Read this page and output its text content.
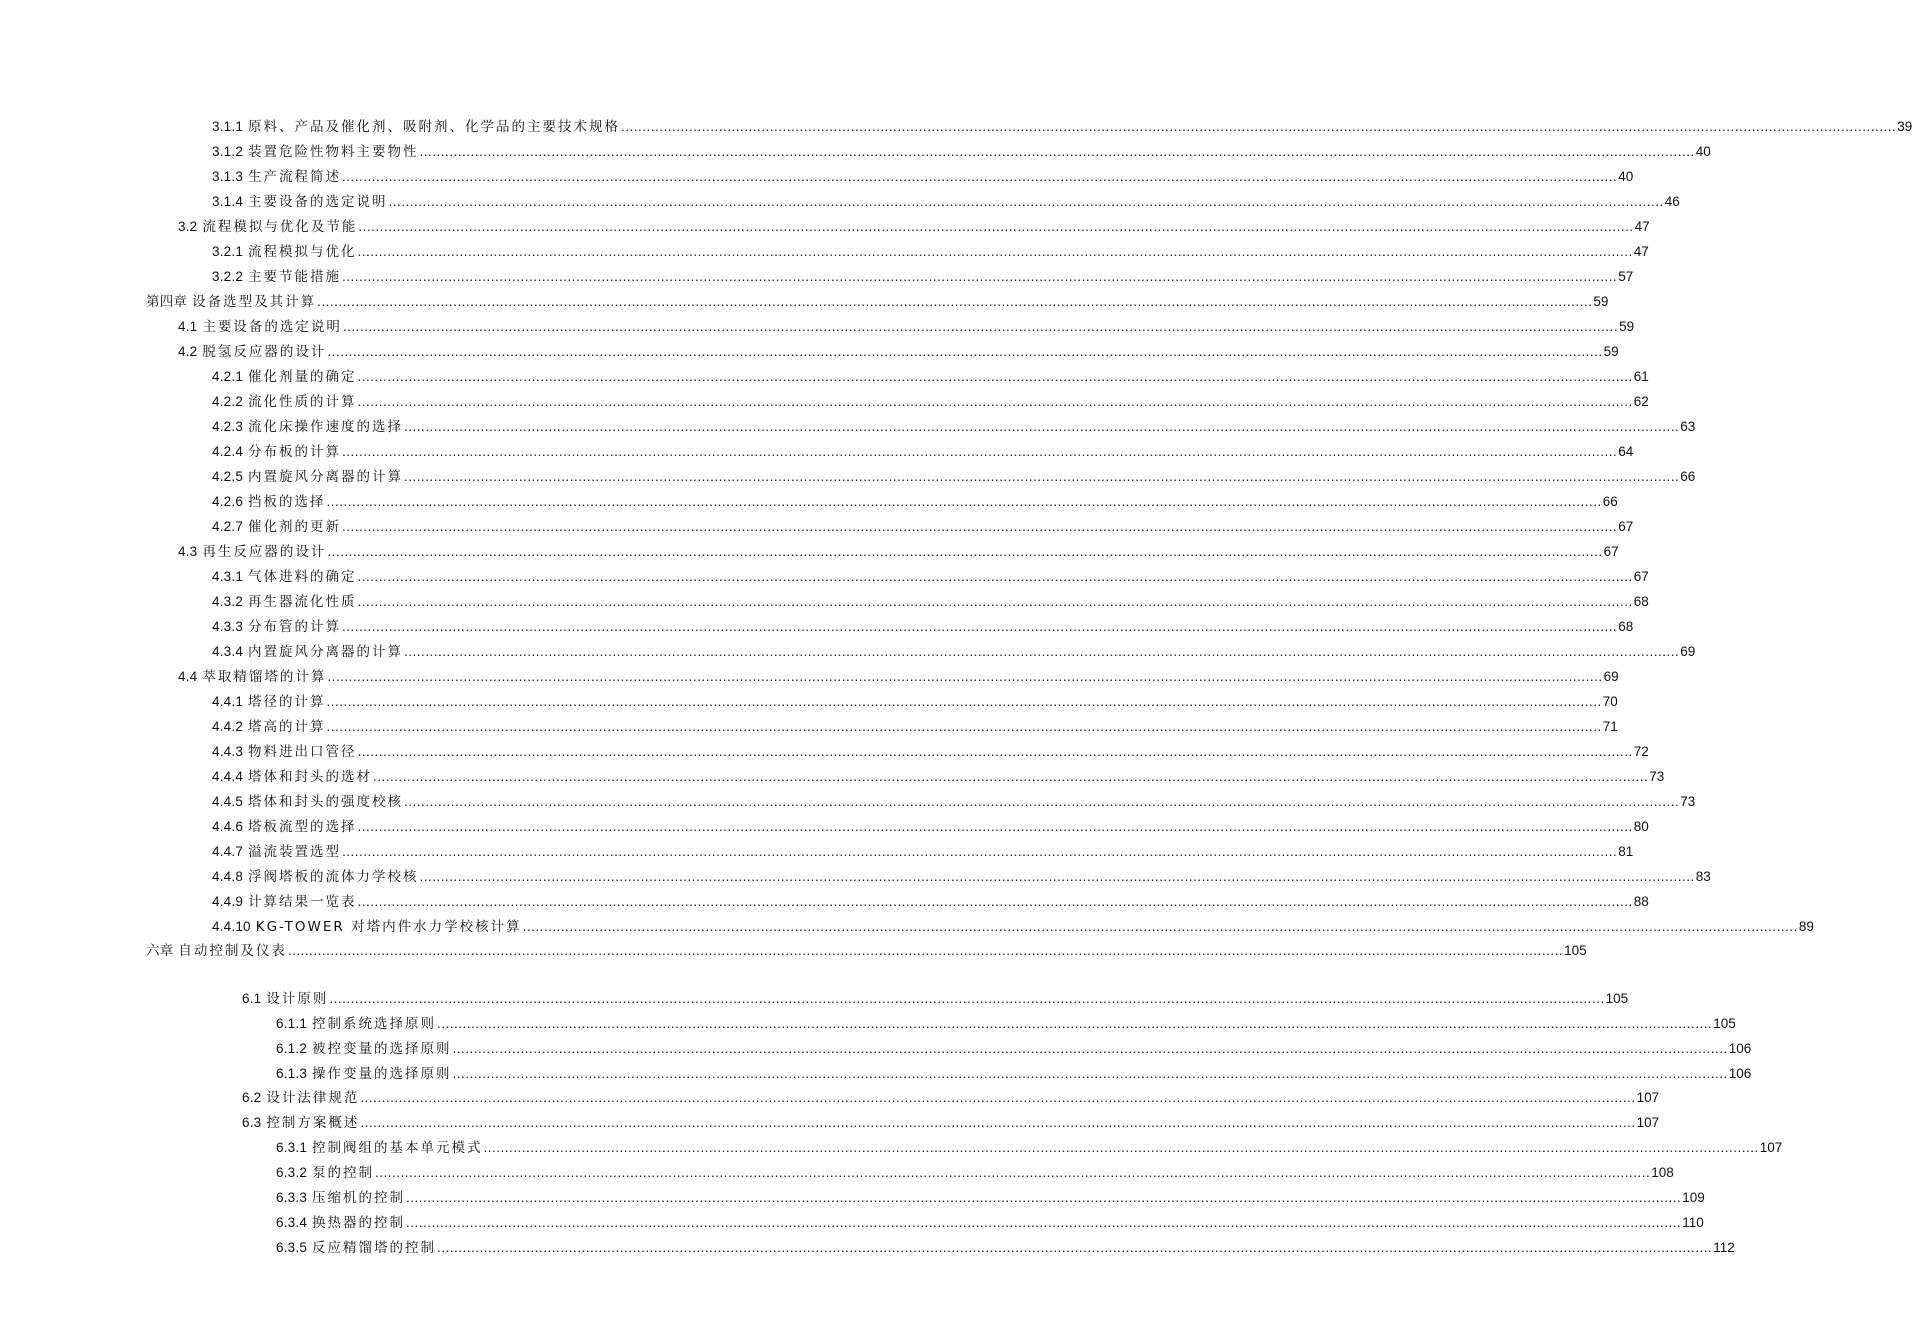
3.1.1 原料、产品及催化剂、吸附剂、化学品的主要技术规格 ............................................................................................................................................................................................................................................................................................................ 39
3.1.2 装置危险性物料主要物性 ............................................................................................................................................................................................................................................................................................................ 40
3.1.3 生产流程简述 ............................................................................................................................................................................................................................................................................................................ 40
3.1.4 主要设备的选定说明 ............................................................................................................................................................................................................................................................................................................ 46
3.2 流程模拟与优化及节能 ............................................................................................................................................................................................................................................................................................................ 47
3.2.1 流程模拟与优化 ............................................................................................................................................................................................................................................................................................................ 47
3.2.2 主要节能措施 ............................................................................................................................................................................................................................................................................................................ 57
第四章 设备选型及其计算 ............................................................................................................................................................................................................................................................................................................ 59
4.1 主要设备的选定说明 ............................................................................................................................................................................................................................................................................................................ 59
4.2 脱氢反应器的设计 ............................................................................................................................................................................................................................................................................................................ 59
4.2.1 催化剂量的确定 ............................................................................................................................................................................................................................................................................................................ 61
4.2.2 流化性质的计算 ............................................................................................................................................................................................................................................................................................................ 62
4.2.3 流化床操作速度的选择 ............................................................................................................................................................................................................................................................................................................ 63
4.2.4 分布板的计算 ............................................................................................................................................................................................................................................................................................................ 64
4.2.5 内置旋风分离器的计算 ............................................................................................................................................................................................................................................................................................................ 66
4.2.6 挡板的选择 ............................................................................................................................................................................................................................................................................................................ 66
4.2.7 催化剂的更新 ............................................................................................................................................................................................................................................................................................................ 67
4.3 再生反应器的设计 ............................................................................................................................................................................................................................................................................................................ 67
4.3.1 气体进料的确定 ............................................................................................................................................................................................................................................................................................................ 67
4.3.2 再生器流化性质 ............................................................................................................................................................................................................................................................................................................ 68
4.3.3 分布管的计算 ............................................................................................................................................................................................................................................................................................................ 68
4.3.4 内置旋风分离器的计算 ............................................................................................................................................................................................................................................................................................................ 69
4.4 萃取精馏塔的计算 ............................................................................................................................................................................................................................................................................................................ 69
4.4.1 塔径的计算 ............................................................................................................................................................................................................................................................................................................ 70
4.4.2 塔高的计算 ............................................................................................................................................................................................................................................................................................................ 71
4.4.3 物料进出口管径 ............................................................................................................................................................................................................................................................................................................ 72
4.4.4 塔体和封头的选材 ............................................................................................................................................................................................................................................................................................................ 73
4.4.5 塔体和封头的强度校核 ............................................................................................................................................................................................................................................................................................................ 73
4.4.6 塔板流型的选择 ............................................................................................................................................................................................................................................................................................................ 80
4.4.7 溢流装置选型 ............................................................................................................................................................................................................................................................................................................ 81
4.4.8 浮阀塔板的流体力学校核 ............................................................................................................................................................................................................................................................................................................ 83
4.4.9 计算结果一览表 ............................................................................................................................................................................................................................................................................................................ 88
4.4.10 KG-TOWER 对塔内件水力学校核计算 ............................................................................................................................................................................................................................................................................................................ 89
六章 自动控制及仪表 ............................................................................................................................................................................................................................................................................................................ 105
6.1 设计原则 ............................................................................................................................................................................................................................................................................................................ 105
6.1.1 控制系统选择原则 ............................................................................................................................................................................................................................................................................................................ 105
6.1.2 被控变量的选择原则 ............................................................................................................................................................................................................................................................................................................ 106
6.1.3 操作变量的选择原则 ............................................................................................................................................................................................................................................................................................................ 106
6.2 设计法律规范 ............................................................................................................................................................................................................................................................................................................ 107
6.3 控制方案概述 ............................................................................................................................................................................................................................................................................................................ 107
6.3.1 控制阀组的基本单元模式 ............................................................................................................................................................................................................................................................................................................ 107
6.3.2 泵的控制 ............................................................................................................................................................................................................................................................................................................ 108
6.3.3 压缩机的控制 ............................................................................................................................................................................................................................................................................................................ 109
6.3.4 换热器的控制 ............................................................................................................................................................................................................................................................................................................ 110
6.3.5 反应精馏塔的控制 ............................................................................................................................................................................................................................................................................................................ 112
